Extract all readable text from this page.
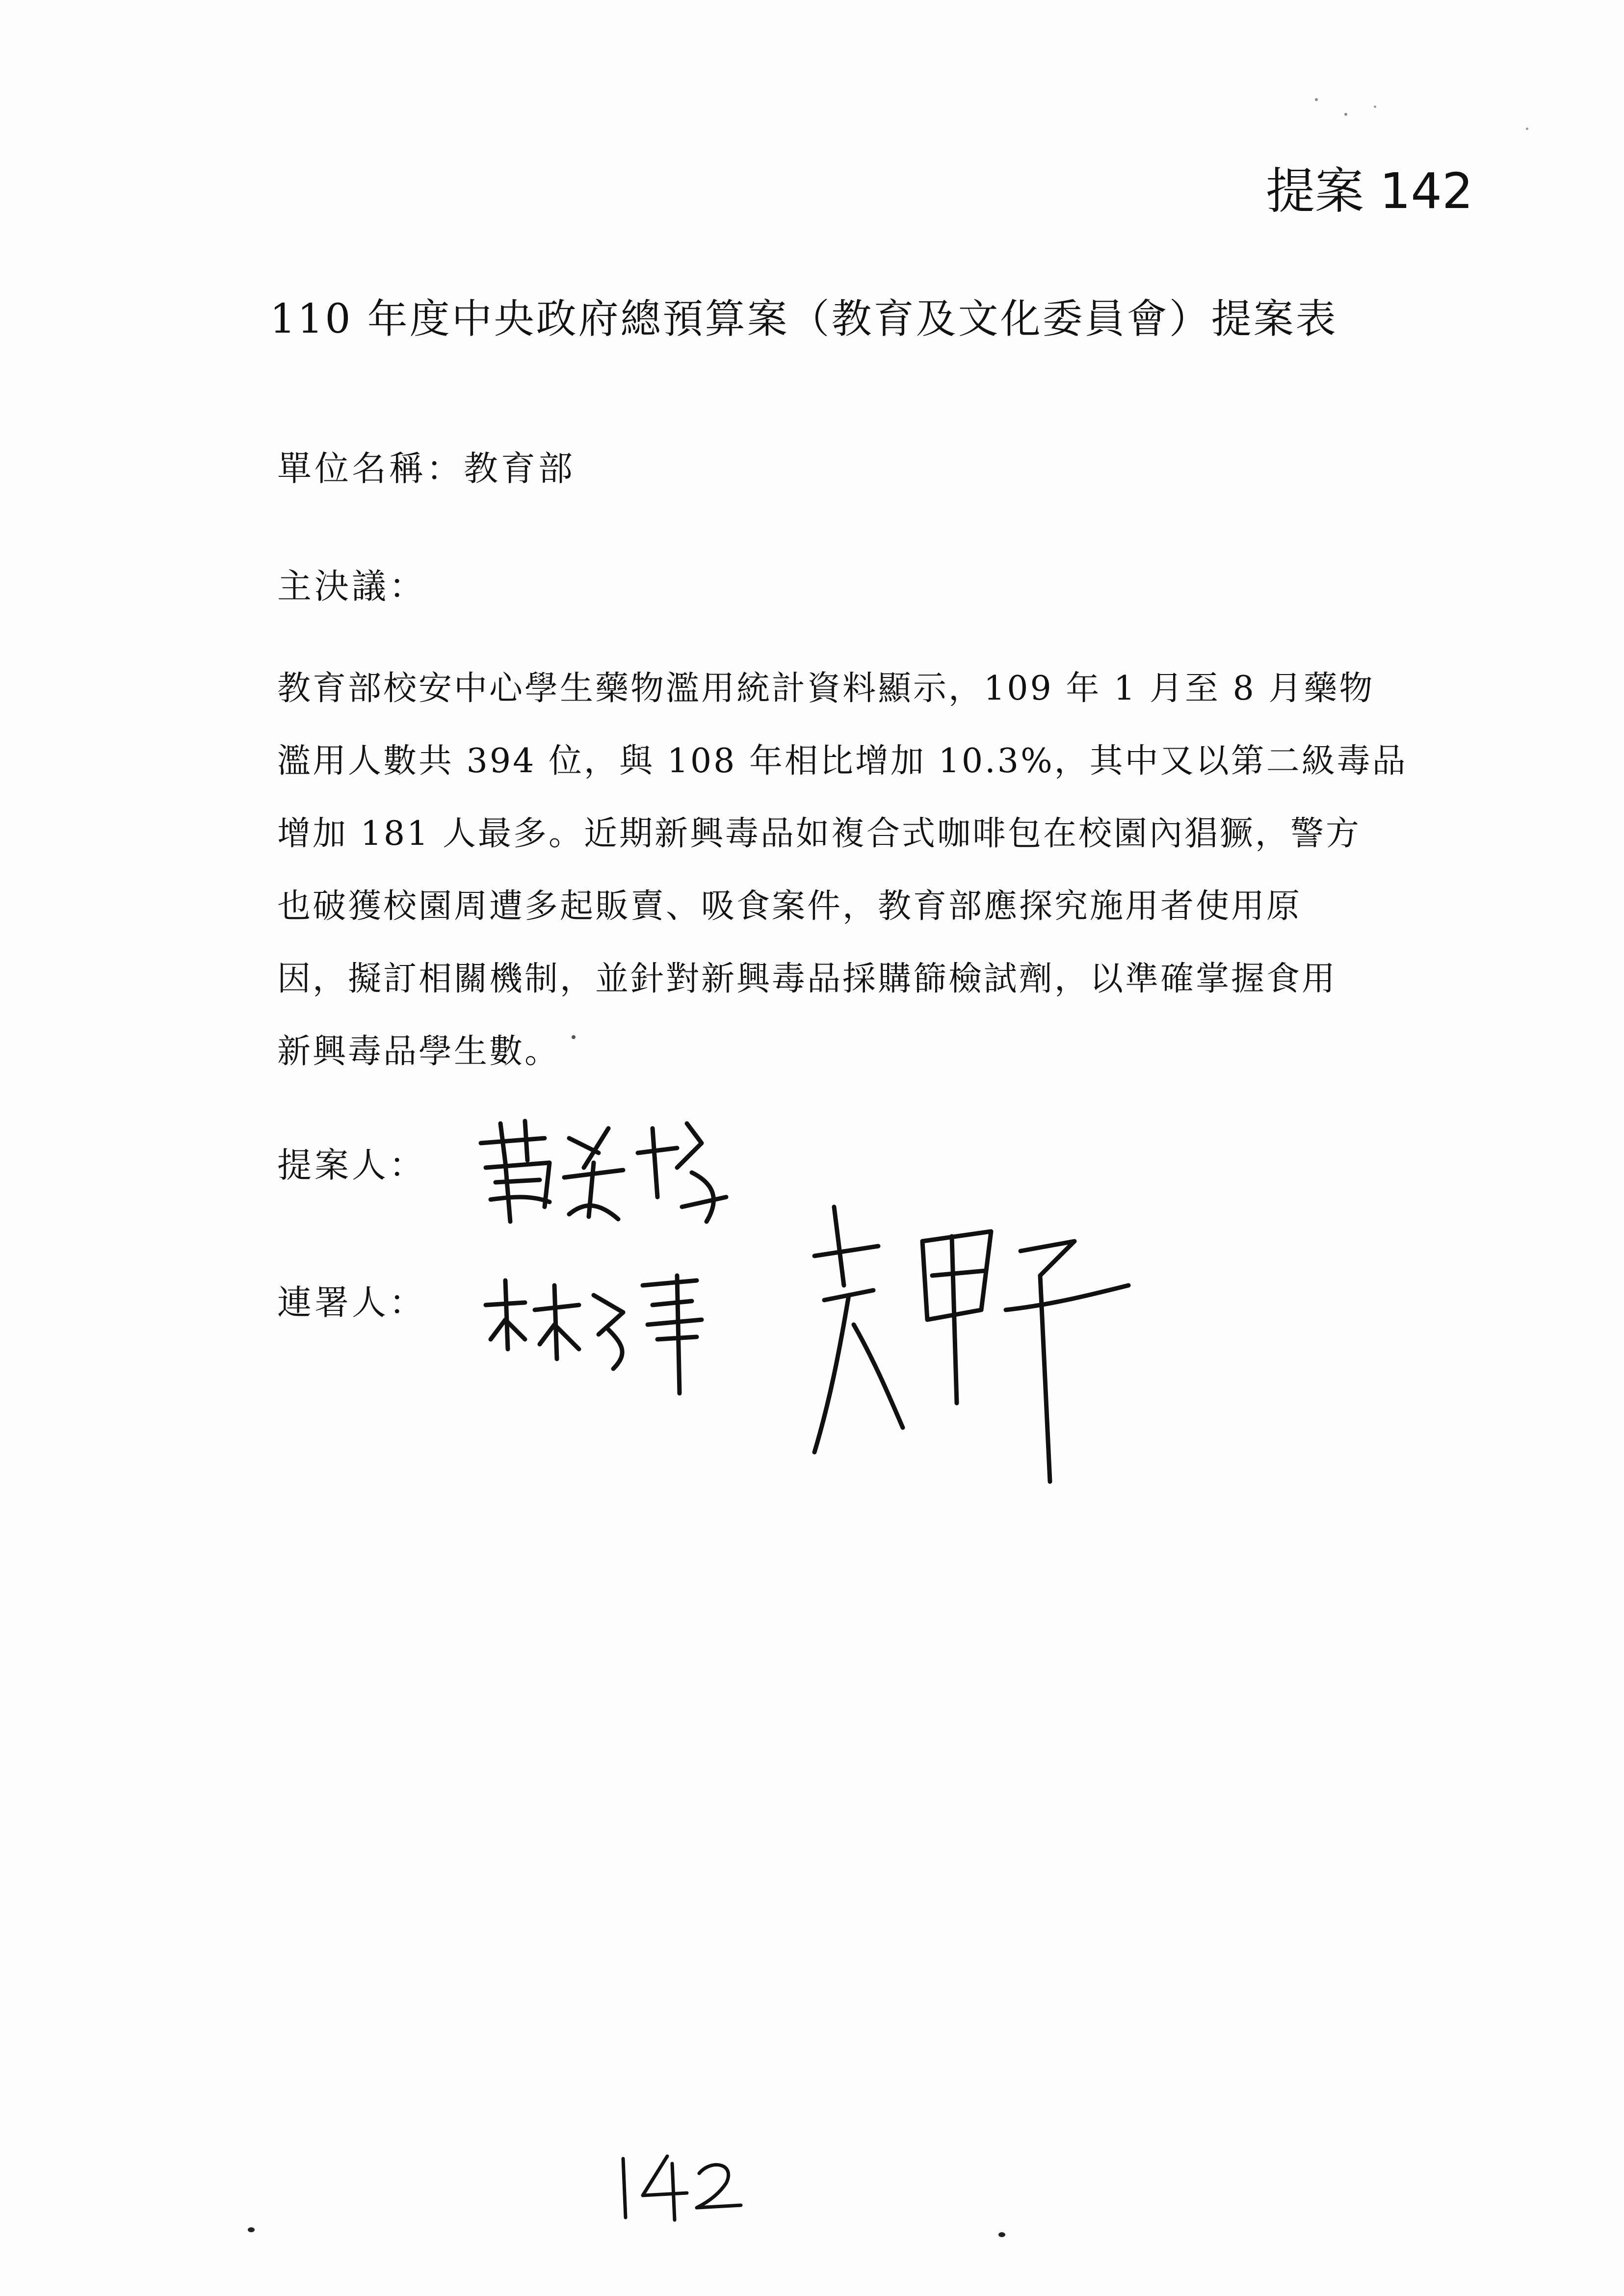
提案 142
110 年度中央政府總預算案（教育及文化委員會）提案表
單位名稱：教育部
主決議：
教育部校安中心學生藥物濫用統計資料顯示，109 年 1 月至 8 月藥物
濫用人數共 394 位，與 108 年相比增加 10.3%，其中又以第二級毒品
增加 181 人最多。近期新興毒品如複合式咖啡包在校園內猖獗，警方
也破獲校園周遭多起販賣、吸食案件，教育部應探究施用者使用原
因，擬訂相關機制，並針對新興毒品採購篩檢試劑，以準確掌握食用
新興毒品學生數。
提案人：
連署人：
